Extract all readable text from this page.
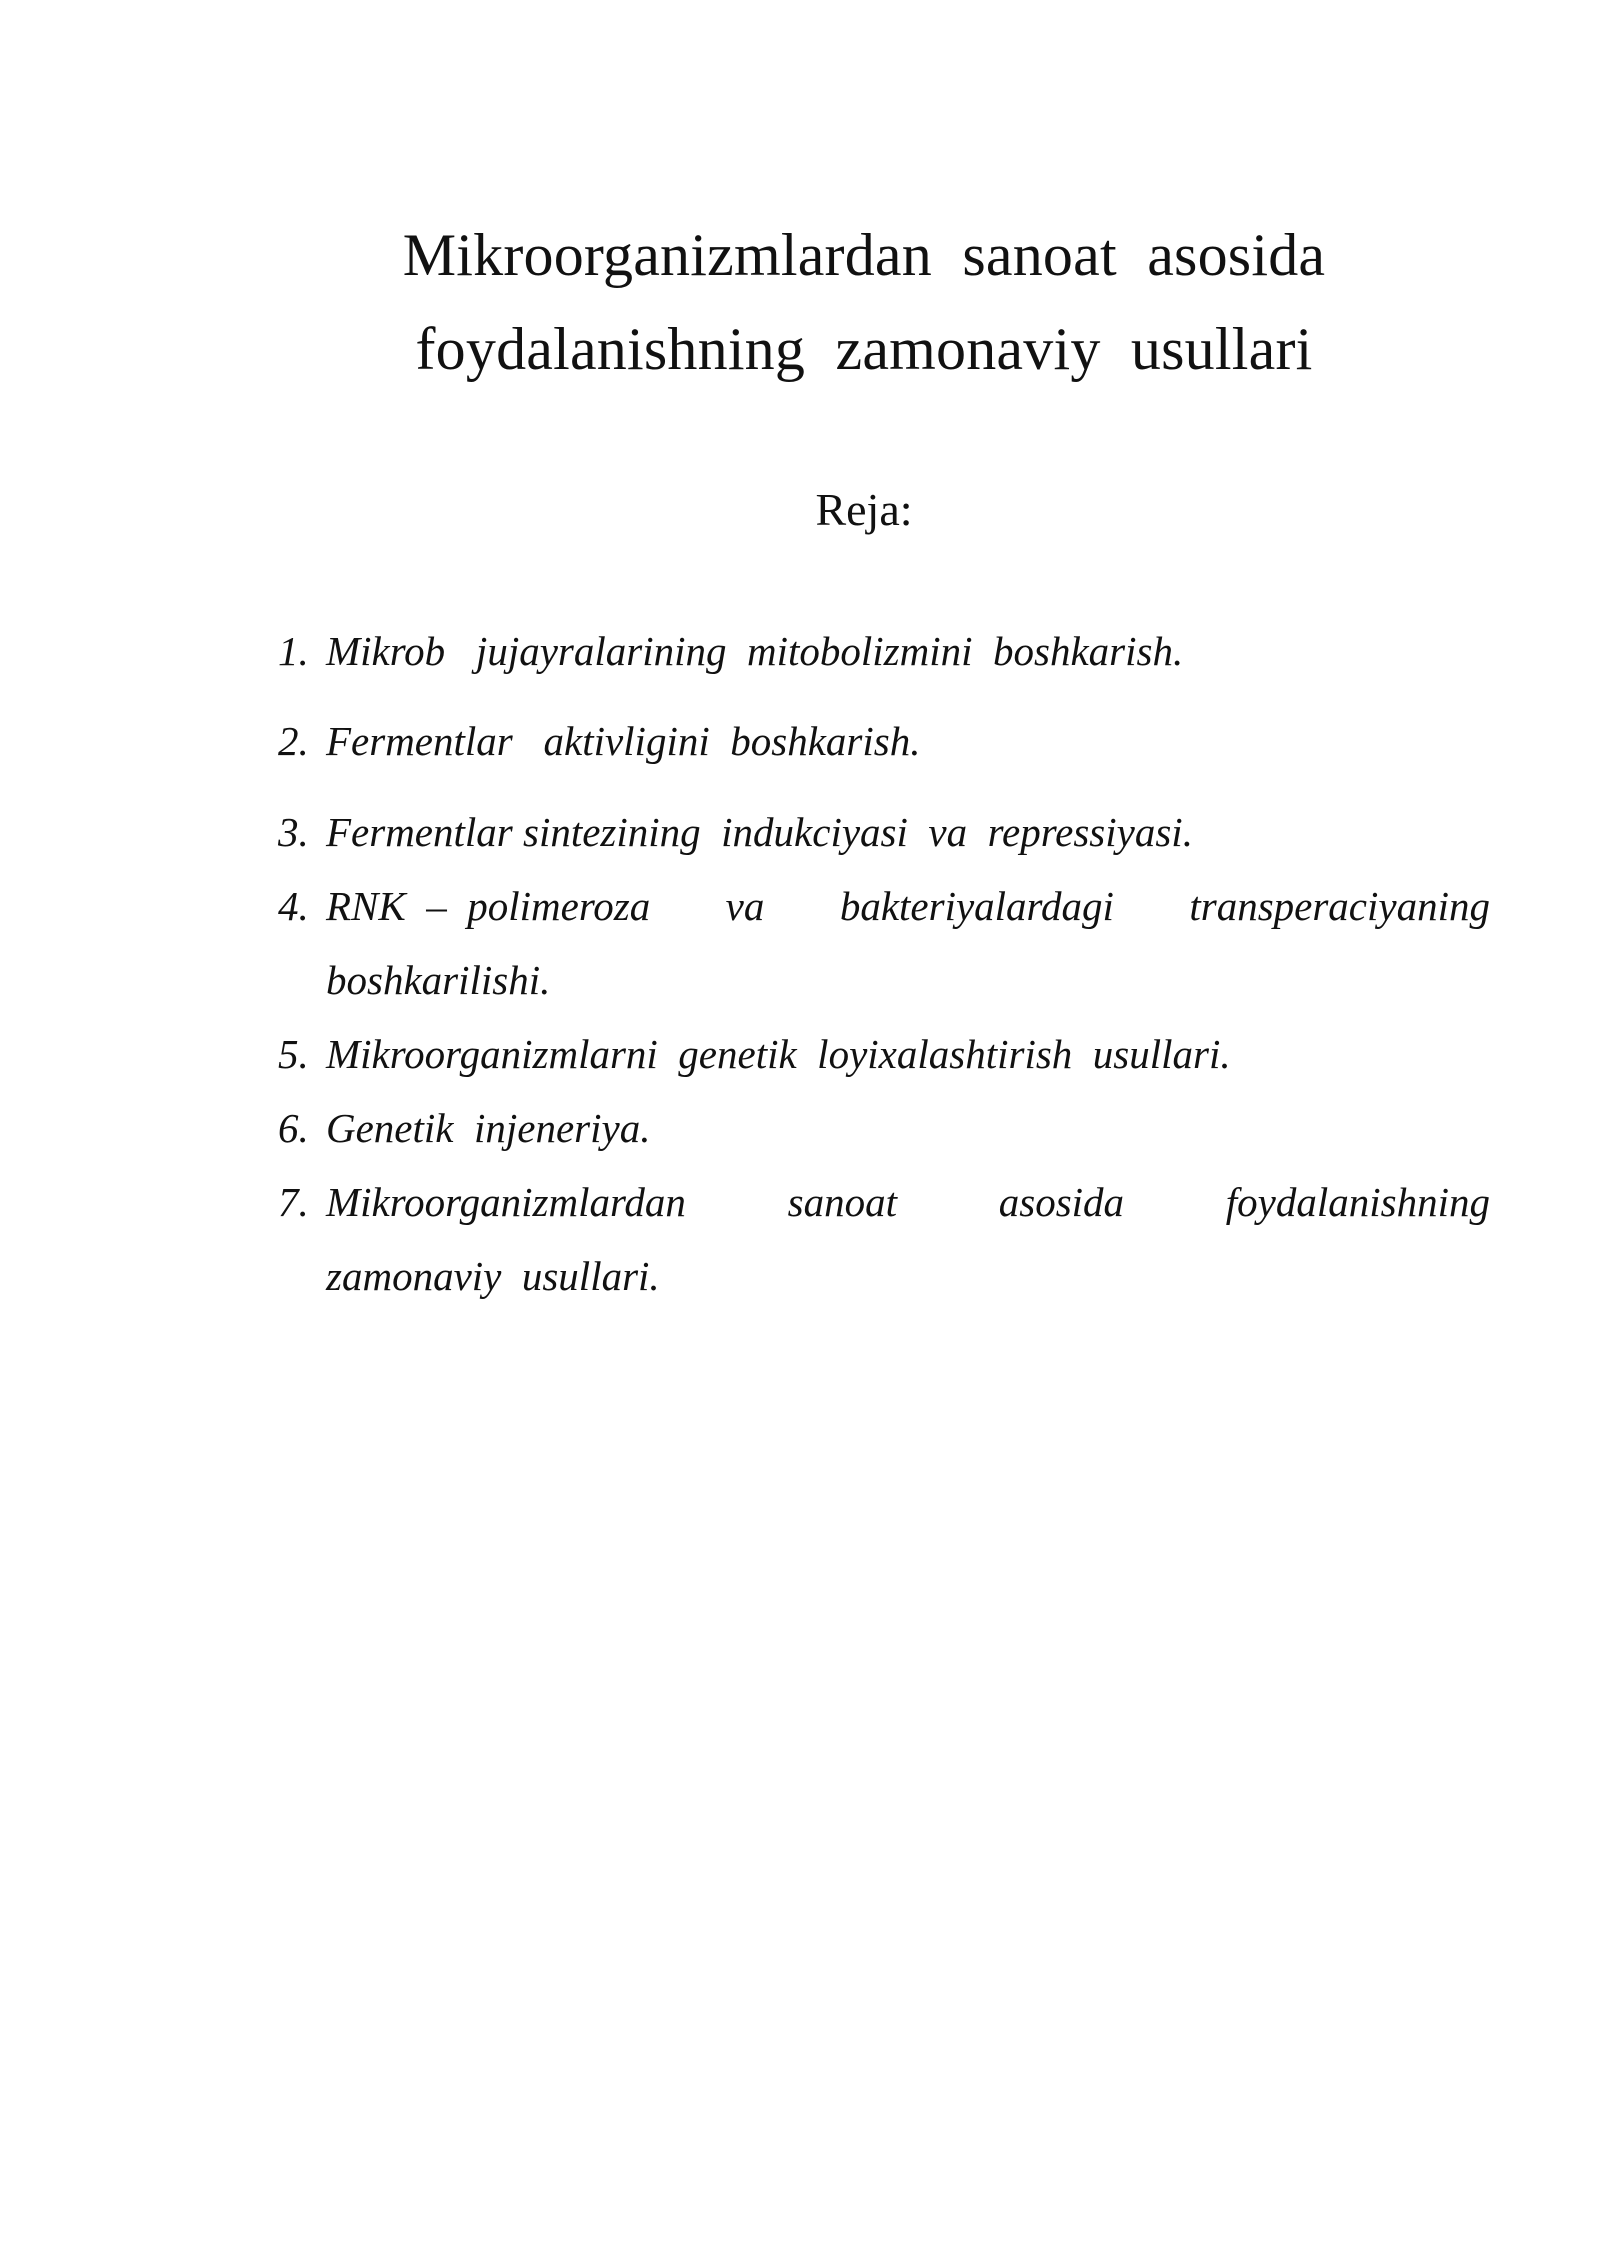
Mikroorganizmlardan  sanoat  asosida
foydalanishning  zamonaviy  usullari
Reja:
1. Mikrob   jujayralarining  mitobolizmini  boshkarish.
2. Fermentlar   aktivligini  boshkarish.
3. Fermentlar sintezining  indukciyasi  va  repressiyasi.
4. RNK  –  polimeroza va bakteriyalardagi transperaciyaning
boshkarilishi.
5. Mikroorganizmlarni  genetik  loyixalashtirish  usullari.
6. Genetik  injeneriya.
7. Mikroorganizmlardan sanoat asosida foydalanishning
zamonaviy  usullari.
